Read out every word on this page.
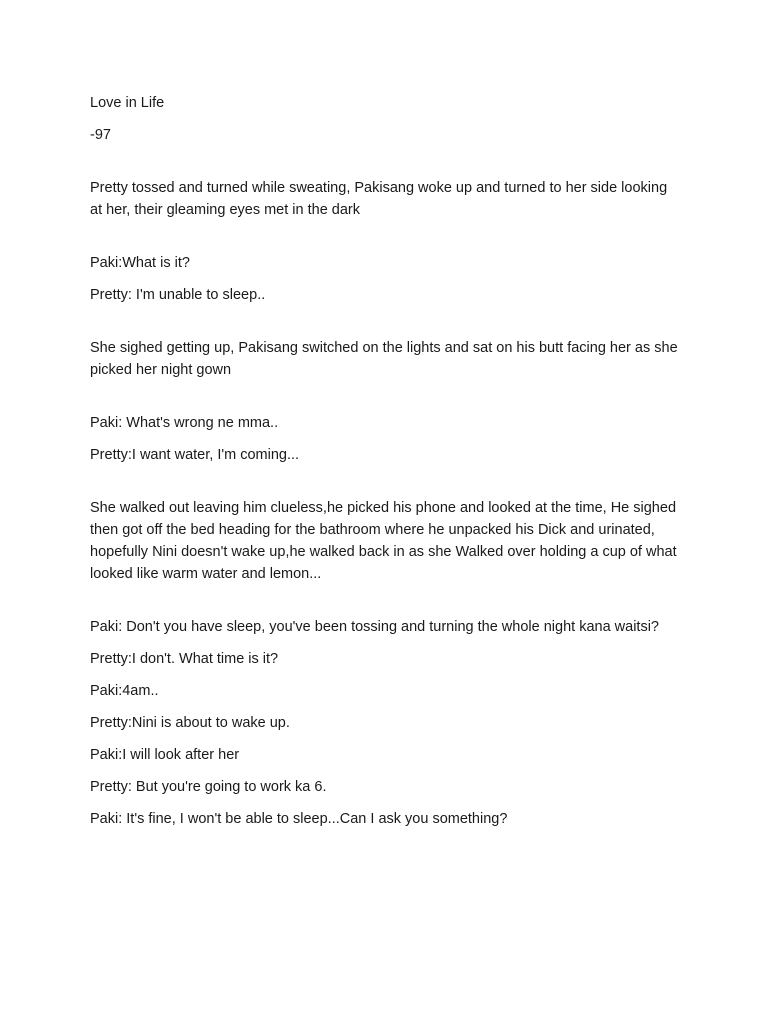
Love in Life

-97

Pretty tossed and turned while sweating, Pakisang woke up and turned to her side looking at her, their gleaming eyes met in the dark

Paki:What is it?

Pretty: I'm unable to sleep..

She sighed getting up, Pakisang switched on the lights and sat on his butt facing her as she picked her night gown

Paki: What's wrong ne mma..

Pretty:I want water, I'm coming...

She walked out leaving him clueless,he picked his phone and looked at the time, He sighed then got off the bed heading for the bathroom where he unpacked his Dick and urinated, hopefully Nini doesn't wake up,he walked back in as she Walked over holding a cup of what looked like warm water and lemon...

Paki: Don't you have sleep, you've been tossing and turning the whole night kana waitsi?

Pretty:I don't. What time is it?

Paki:4am..

Pretty:Nini is about to wake up.

Paki:I will look after her

Pretty: But you're going to work ka 6.

Paki: It's fine, I won't be able to sleep...Can I ask you something?
